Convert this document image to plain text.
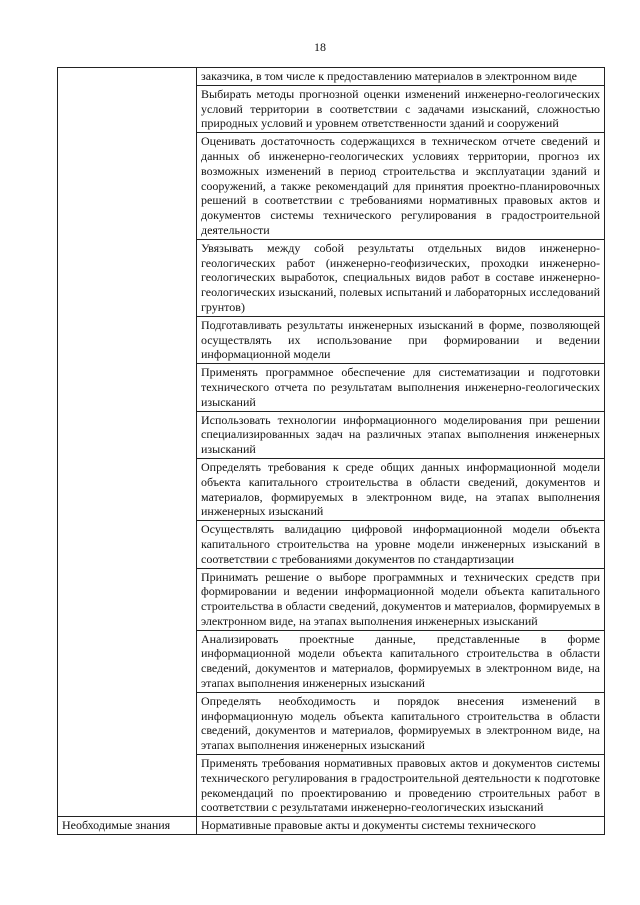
18
	заказчика, в том числе к предоставлению материалов в электронном виде
	Выбирать методы прогнозной оценки изменений инженерно-геологических условий территории в соответствии с задачами изысканий, сложностью природных условий и уровнем ответственности зданий и сооружений
	Оценивать достаточность содержащихся в техническом отчете сведений и данных об инженерно-геологических условиях территории, прогноз их возможных изменений в период строительства и эксплуатации зданий и сооружений, а также рекомендаций для принятия проектно-планировочных решений в соответствии с требованиями нормативных правовых актов и документов системы технического регулирования в градостроительной деятельности
	Увязывать между собой результаты отдельных видов инженерно-геологических работ (инженерно-геофизических, проходки инженерно-геологических выработок, специальных видов работ в составе инженерно-геологических изысканий, полевых испытаний и лабораторных исследований грунтов)
	Подготавливать результаты инженерных изысканий в форме, позволяющей осуществлять их использование при формировании и ведении информационной модели
	Применять программное обеспечение для систематизации и подготовки технического отчета по результатам выполнения инженерно-геологических изысканий
	Использовать технологии информационного моделирования при решении специализированных задач на различных этапах выполнения инженерных изысканий
	Определять требования к среде общих данных информационной модели объекта капитального строительства в области сведений, документов и материалов, формируемых в электронном виде, на этапах выполнения инженерных изысканий
	Осуществлять валидацию цифровой информационной модели объекта капитального строительства на уровне модели инженерных изысканий в соответствии с требованиями документов по стандартизации
	Принимать решение о выборе программных и технических средств при формировании и ведении информационной модели объекта капитального строительства в области сведений, документов и материалов, формируемых в электронном виде, на этапах выполнения инженерных изысканий
	Анализировать проектные данные, представленные в форме информационной модели объекта капитального строительства в области сведений, документов и материалов, формируемых в электронном виде, на этапах выполнения инженерных изысканий
	Определять необходимость и порядок внесения изменений в информационную модель объекта капитального строительства в области сведений, документов и материалов, формируемых в электронном виде, на этапах выполнения инженерных изысканий
	Применять требования нормативных правовых актов и документов системы технического регулирования в градостроительной деятельности к подготовке рекомендаций по проектированию и проведению строительных работ в соответствии с результатами инженерно-геологических изысканий

Необходимые знания	Нормативные правовые акты и документы системы технического
